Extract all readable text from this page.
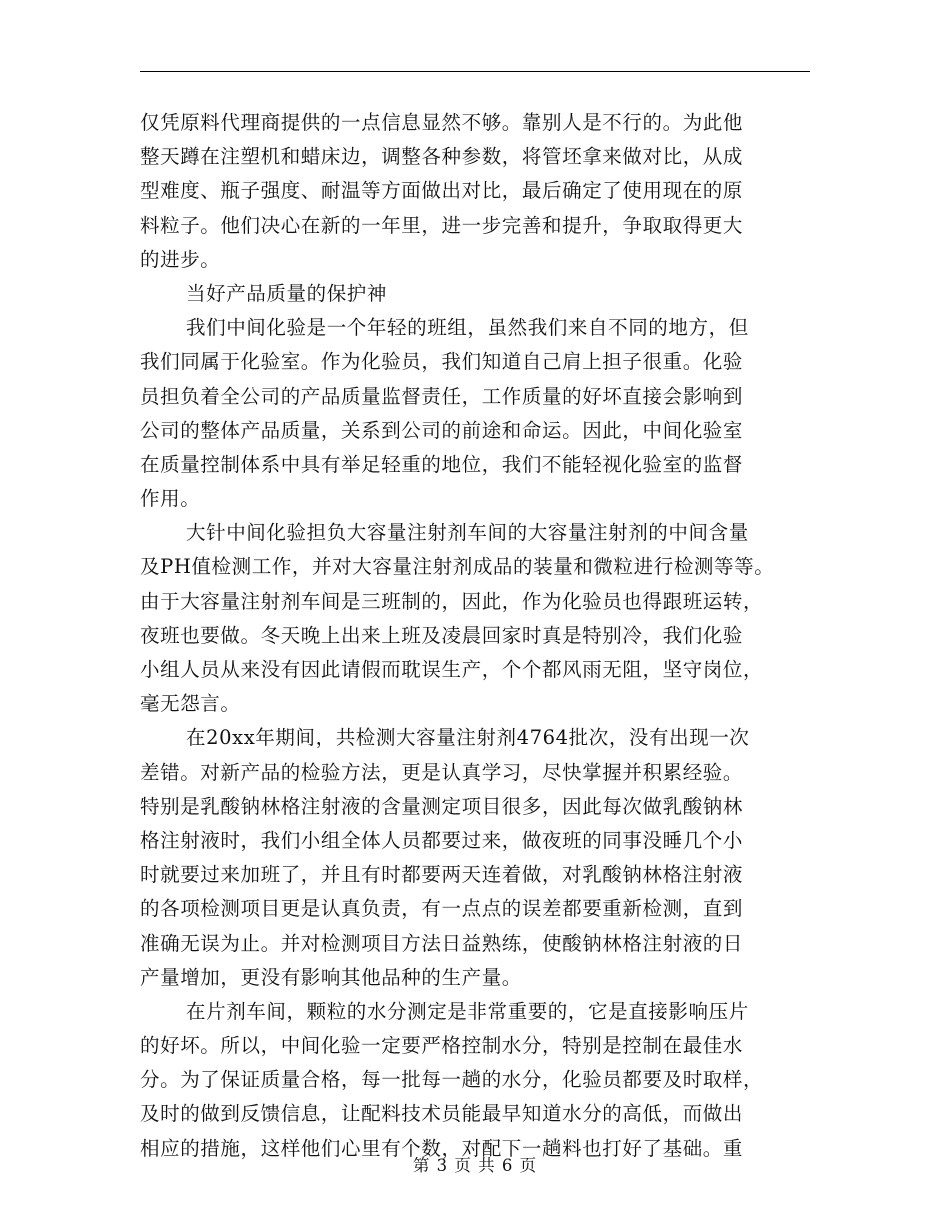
仅凭原料代理商提供的一点信息显然不够。靠别人是不行的。为此他
整天蹲在注塑机和蜡床边，调整各种参数，将管坯拿来做对比，从成
型难度、瓶子强度、耐温等方面做出对比，最后确定了使用现在的原
料粒子。他们决心在新的一年里，进一步完善和提升，争取取得更大
的进步。
当好产品质量的保护神
我们中间化验是一个年轻的班组，虽然我们来自不同的地方，但
我们同属于化验室。作为化验员，我们知道自己肩上担子很重。化验
员担负着全公司的产品质量监督责任，工作质量的好坏直接会影响到
公司的整体产品质量，关系到公司的前途和命运。因此，中间化验室
在质量控制体系中具有举足轻重的地位，我们不能轻视化验室的监督
作用。
大针中间化验担负大容量注射剂车间的大容量注射剂的中间含量
及PH值检测工作，并对大容量注射剂成品的装量和微粒进行检测等等。
由于大容量注射剂车间是三班制的，因此，作为化验员也得跟班运转，
夜班也要做。冬天晚上出来上班及凌晨回家时真是特别冷，我们化验
小组人员从来没有因此请假而耽误生产，个个都风雨无阻，坚守岗位，
毫无怨言。
在20xx年期间，共检测大容量注射剂4764批次，没有出现一次
差错。对新产品的检验方法，更是认真学习，尽快掌握并积累经验。
特别是乳酸钠林格注射液的含量测定项目很多，因此每次做乳酸钠林
格注射液时，我们小组全体人员都要过来，做夜班的同事没睡几个小
时就要过来加班了，并且有时都要两天连着做，对乳酸钠林格注射液
的各项检测项目更是认真负责，有一点点的误差都要重新检测，直到
准确无误为止。并对检测项目方法日益熟练，使酸钠林格注射液的日
产量增加，更没有影响其他品种的生产量。
在片剂车间，颗粒的水分测定是非常重要的，它是直接影响压片
的好坏。所以，中间化验一定要严格控制水分，特别是控制在最佳水
分。为了保证质量合格，每一批每一趟的水分，化验员都要及时取样，
及时的做到反馈信息，让配料技术员能最早知道水分的高低，而做出
相应的措施，这样他们心里有个数，对配下一趟料也打好了基础。重
第 3 页 共 6 页
